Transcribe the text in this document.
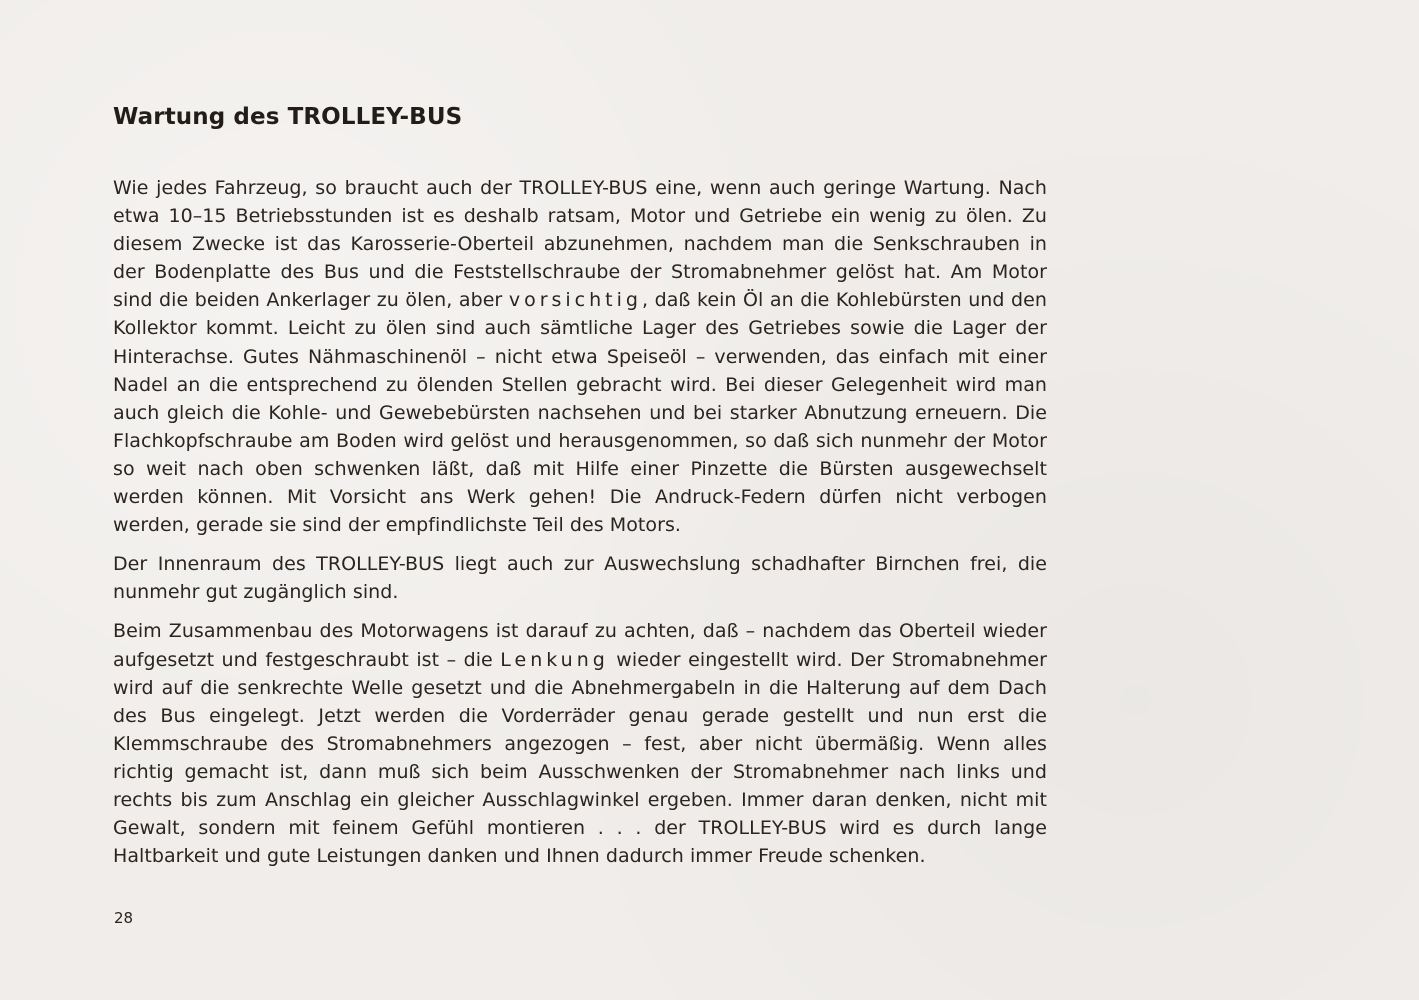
Wartung des TROLLEY-BUS

Wie jedes Fahrzeug, so braucht auch der TROLLEY-BUS eine, wenn auch geringe Wartung. Nach etwa 10–15 Betriebsstunden ist es deshalb ratsam, Motor und Getriebe ein wenig zu ölen. Zu diesem Zwecke ist das Karosserie-Oberteil abzunehmen, nachdem man die Senkschrauben in der Bodenplatte des Bus und die Feststellschraube der Stromabnehmer gelöst hat. Am Motor sind die beiden Ankerlager zu ölen, aber vorsichtig, daß kein Öl an die Kohlebürsten und den Kollektor kommt. Leicht zu ölen sind auch sämtliche Lager des Getriebes sowie die Lager der Hinterachse. Gutes Nähmaschinenöl – nicht etwa Speiseöl – verwenden, das einfach mit einer Nadel an die entsprechend zu ölenden Stellen gebracht wird. Bei dieser Gelegenheit wird man auch gleich die Kohle- und Gewebebürsten nachsehen und bei starker Abnutzung erneuern. Die Flachkopfschraube am Boden wird gelöst und herausgenommen, so daß sich nunmehr der Motor so weit nach oben schwenken läßt, daß mit Hilfe einer Pinzette die Bürsten ausgewechselt werden können. Mit Vorsicht ans Werk gehen! Die Andruck-Federn dürfen nicht verbogen werden, gerade sie sind der empfindlichste Teil des Motors.

Der Innenraum des TROLLEY-BUS liegt auch zur Auswechslung schadhafter Birnchen frei, die nunmehr gut zugänglich sind.

Beim Zusammenbau des Motorwagens ist darauf zu achten, daß – nachdem das Oberteil wieder aufgesetzt und festgeschraubt ist – die Lenkung wieder eingestellt wird. Der Stromabnehmer wird auf die senkrechte Welle gesetzt und die Abnehmergabeln in die Halterung auf dem Dach des Bus eingelegt. Jetzt werden die Vorderräder genau gerade gestellt und nun erst die Klemmschraube des Stromabnehmers angezogen – fest, aber nicht übermäßig. Wenn alles richtig gemacht ist, dann muß sich beim Ausschwenken der Stromabnehmer nach links und rechts bis zum Anschlag ein gleicher Ausschlagwinkel ergeben. Immer daran denken, nicht mit Gewalt, sondern mit feinem Gefühl montieren . . . der TROLLEY-BUS wird es durch lange Haltbarkeit und gute Leistungen danken und Ihnen dadurch immer Freude schenken.

28
